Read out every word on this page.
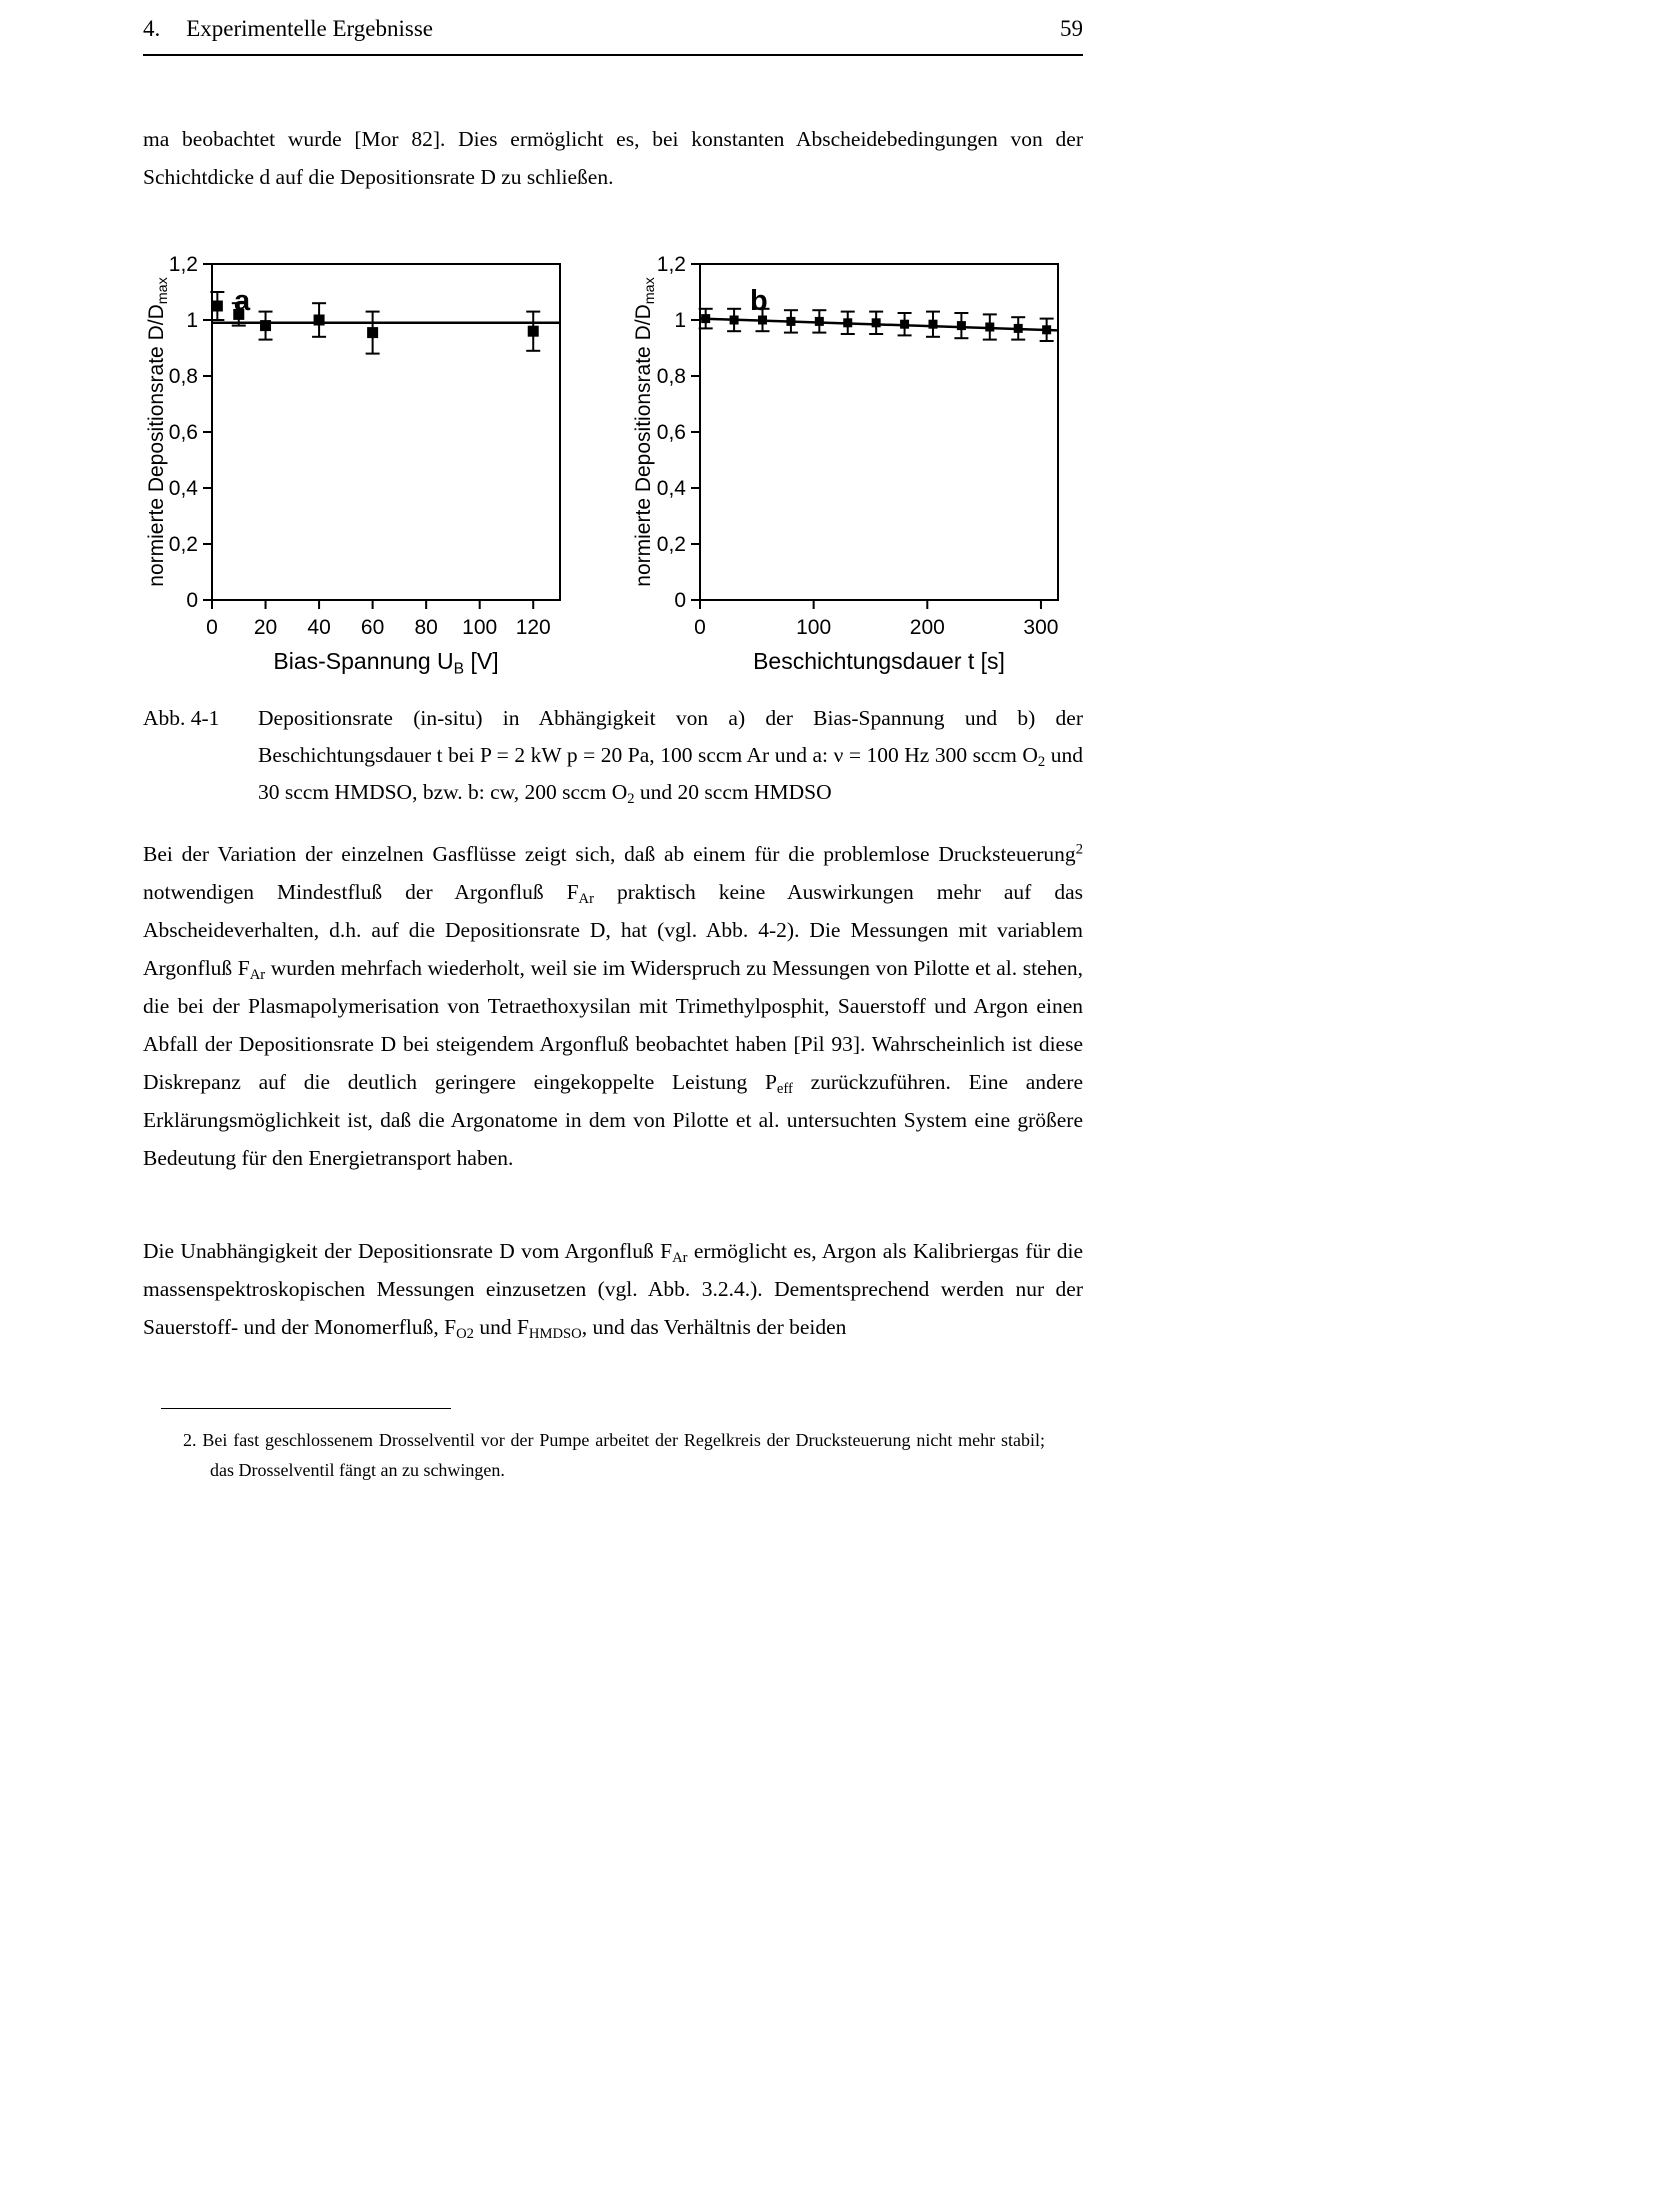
4. Experimentelle Ergebnisse	59

ma beobachtet wurde [Mor 82]. Dies ermöglicht es, bei konstanten Abscheidebedingungen von der Schichtdicke d auf die Depositionsrate D zu schließen.

normierte Depositionsrate $D/D_{max}$
0 20 40 60 80 100 120
0
0,2
0,4
0,6
0,8
1
1,2
a
Bias-Spannung $U_B$ [V]
normierte Depositionsrate $D/D_{max}$
0	100	200	300
0
0,2
0,4
0,6
0,8
1
1,2
b
Beschichtungsdauer t [s]
Abb. 4-1	Depositionsrate (in-situ) in Abhängigkeit von a) der Bias-Spannung und b) der Beschichtungsdauer t bei P = 2 kW p = 20 Pa, 100 sccm Ar und a: ν = 100 Hz 300 sccm $O_2$ und 30 sccm HMDSO, bzw. b: cw, 200 sccm $O_2$ und 20 sccm HMDSO

Bei der Variation der einzelnen Gasflüsse zeigt sich, daß ab einem für die problemlose Drucksteuerung$^2$ notwendigen Mindestfluß der Argonfluß $F_{Ar}$ praktisch keine Auswirkungen mehr auf das Abscheideverhalten, d.h. auf die Depositionsrate D, hat (vgl. Abb. 4-2). Die Messungen mit variablem Argonfluß $F_{Ar}$ wurden mehrfach wiederholt, weil sie im Widerspruch zu Messungen von Pilotte et al. stehen, die bei der Plasmapolymerisation von Tetraethoxysilan mit Trimethylposphit, Sauerstoff und Argon einen Abfall der Depositionsrate D bei steigendem Argonfluß beobachtet haben [Pil 93]. Wahrscheinlich ist diese Diskrepanz auf die deutlich geringere eingekoppelte Leistung $P_{eff}$ zurückzuführen. Eine andere Erklärungsmöglichkeit ist, daß die Argonatome in dem von Pilotte et al. untersuchten System eine größere Bedeutung für den Energietransport haben.

Die Unabhängigkeit der Depositionsrate D vom Argonfluß $F_{Ar}$ ermöglicht es, Argon als Kalibriergas für die massenspektroskopischen Messungen einzusetzen (vgl. Abb. 3.2.4.). Dementsprechend werden nur der Sauerstoff- und der Monomerfluß, $F_{O2}$ und $F_{HMDSO}$, und das Verhältnis der beiden

2. Bei fast geschlossenem Drosselventil vor der Pumpe arbeitet der Regelkreis der Drucksteuerung nicht mehr stabil; das Drosselventil fängt an zu schwingen.
